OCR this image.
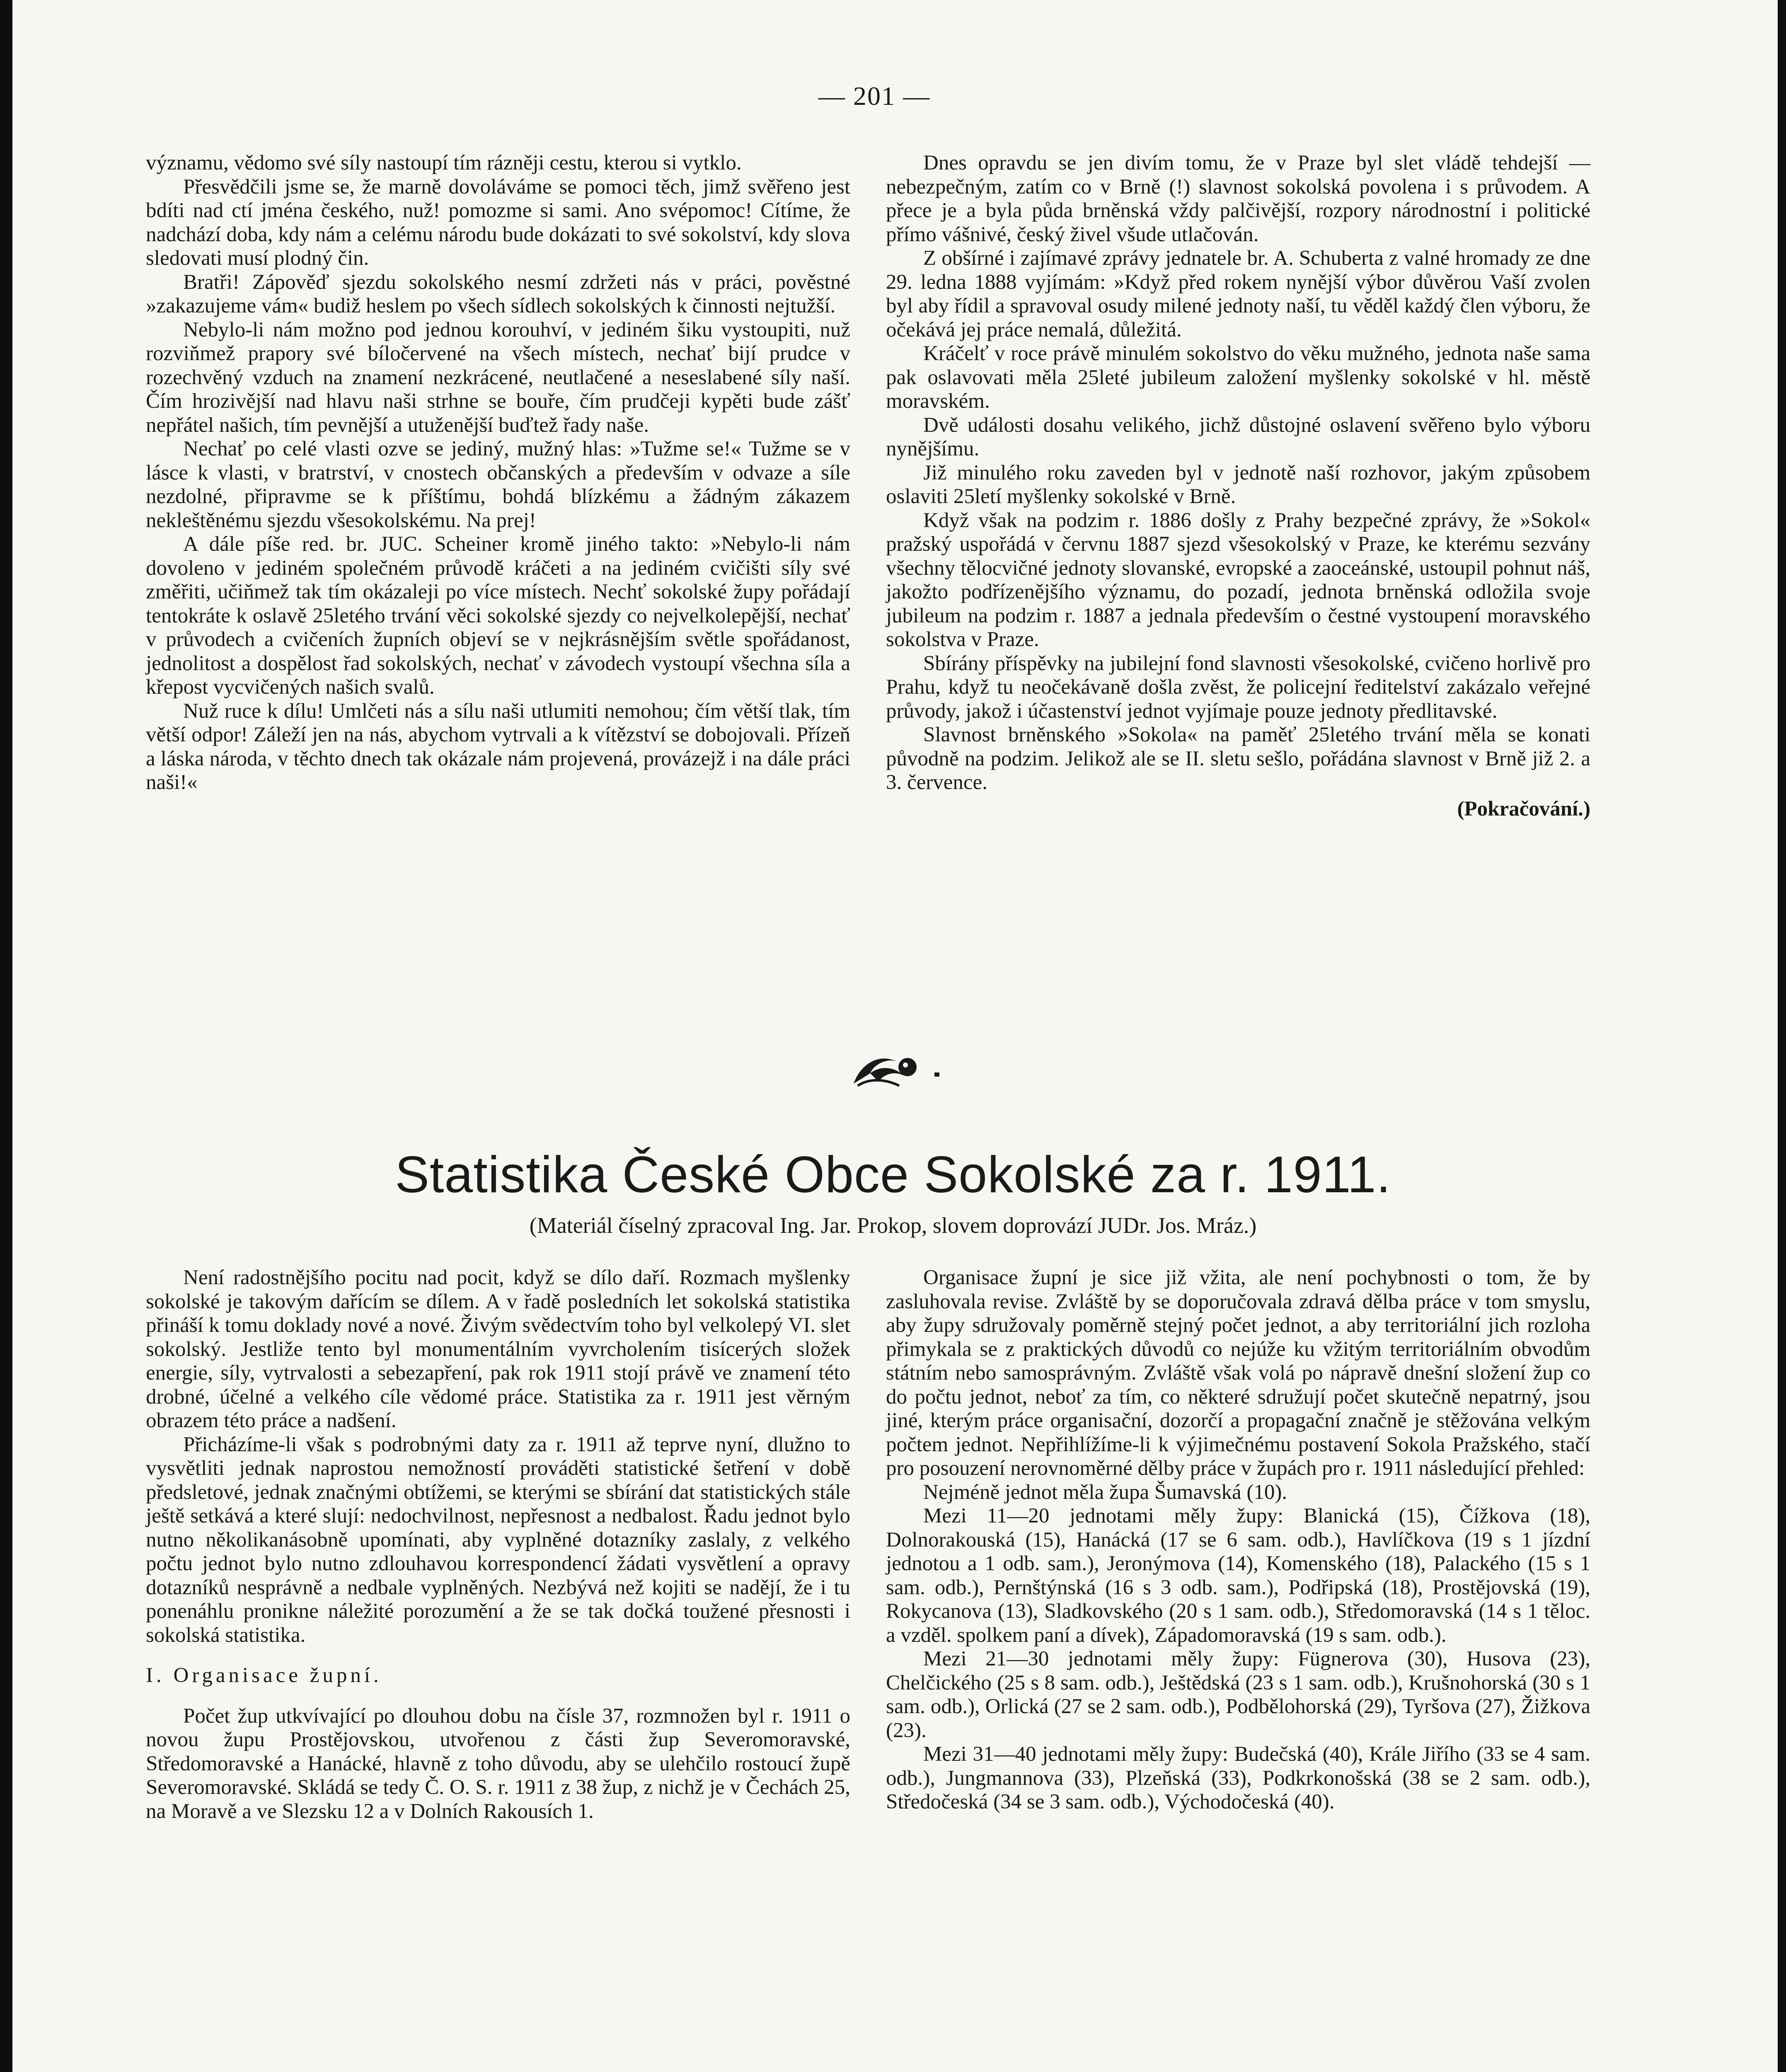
— 201 —

významu, vědomo své síly nastoupí tím rázněji cestu, kterou si vytklo.

Přesvědčili jsme se, že marně dovoláváme se pomoci těch, jimž svěřeno jest bdíti nad ctí jména českého, nuž! pomozme si sami. Ano svépomoc! Cítíme, že nadchází doba, kdy nám a celému národu bude dokázati to své sokolství, kdy slova sledovati musí plodný čin.

Bratři! Zápověď sjezdu sokolského nesmí zdržeti nás v práci, pověstné »zakazujeme vám« budiž heslem po všech sídlech sokolských k činnosti nejtužší.

Nebylo-li nám možno pod jednou korouhví, v jediném šiku vystoupiti, nuž rozviňmež prapory své bíločervené na všech místech, nechať bijí prudce v rozechvěný vzduch na znamení nezkrácené, neutlačené a neseslabené síly naší. Čím hrozivější nad hlavu naši strhne se bouře, čím prudčeji kypěti bude zášť nepřátel našich, tím pevnější a utuženější buďtež řady naše.

Nechať po celé vlasti ozve se jediný, mužný hlas: »Tužme se!« Tužme se v lásce k vlasti, v bratrství, v cnostech občanských a především v odvaze a síle nezdolné, připravme se k příštímu, bohdá blízkému a žádným zákazem nekleštěnému sjezdu všesokolskému. Na prej!

A dále píše red. br. JUC. Scheiner kromě jiného takto: »Nebylo-li nám dovoleno v jediném společném průvodě kráčeti a na jediném cvičišti síly své změřiti, učiňmež tak tím okázaleji po více místech. Nechť sokolské župy pořádají tentokráte k oslavě 25letého trvání věci sokolské sjezdy co nejvelkolepější, nechať v průvodech a cvičeních župních objeví se v nejkrásnějším světle spořádanost, jednolitost a dospělost řad sokolských, nechať v závodech vystoupí všechna síla a křepost vycvičených našich svalů.

Nuž ruce k dílu! Umlčeti nás a sílu naši utlumiti nemohou; čím větší tlak, tím větší odpor! Záleží jen na nás, abychom vytrvali a k vítězství se dobojovali. Přízeň a láska národa, v těchto dnech tak okázale nám projevená, provázejž i na dále práci naši!«

Dnes opravdu se jen divím tomu, že v Praze byl slet vládě tehdejší — nebezpečným, zatím co v Brně (!) slavnost sokolská povolena i s průvodem. A přece je a byla půda brněnská vždy palčivější, rozpory národnostní i politické přímo vášnivé, český živel všude utlačován.

Z obšírné i zajímavé zprávy jednatele br. A. Schuberta z valné hromady ze dne 29. ledna 1888 vyjímám: »Když před rokem nynější výbor důvěrou Vaší zvolen byl aby řídil a spravoval osudy milené jednoty naší, tu věděl každý člen výboru, že očekává jej práce nemalá, důležitá.

Kráčelť v roce právě minulém sokolstvo do věku mužného, jednota naše sama pak oslavovati měla 25leté jubileum založení myšlenky sokolské v hl. městě moravském.

Dvě události dosahu velikého, jichž důstojné oslavení svěřeno bylo výboru nynějšímu.

Již minulého roku zaveden byl v jednotě naší rozhovor, jakým způsobem oslaviti 25letí myšlenky sokolské v Brně.

Když však na podzim r. 1886 došly z Prahy bezpečné zprávy, že »Sokol« pražský uspořádá v červnu 1887 sjezd všesokolský v Praze, ke kterému sezvány všechny tělocvičné jednoty slovanské, evropské a zaoceánské, ustoupil pohnut náš, jakožto podřízenějšího významu, do pozadí, jednota brněnská odložila svoje jubileum na podzim r. 1887 a jednala především o čestné vystoupení moravského sokolstva v Praze.

Sbírány příspěvky na jubilejní fond slavnosti všesokolské, cvičeno horlivě pro Prahu, když tu neočekávaně došla zvěst, že policejní ředitelství zakázalo veřejné průvody, jakož i účastenství jednot vyjímaje pouze jednoty předlitavské.

Slavnost brněnského »Sokola« na paměť 25letého trvání měla se konati původně na podzim. Jelikož ale se II. sletu sešlo, pořádána slavnost v Brně již 2. a 3. července.

(Pokračování.)

Statistika České Obce Sokolské za r. 1911.
(Materiál číselný zpracoval Ing. Jar. Prokop, slovem doprovází JUDr. Jos. Mráz.)

Není radostnějšího pocitu nad pocit, když se dílo daří. Rozmach myšlenky sokolské je takovým dařícím se dílem. A v řadě posledních let sokolská statistika přináší k tomu doklady nové a nové. Živým svědectvím toho byl velkolepý VI. slet sokolský. Jestliže tento byl monumentálním vyvrcholením tisícerých složek energie, síly, vytrvalosti a sebezapření, pak rok 1911 stojí právě ve znamení této drobné, účelné a velkého cíle vědomé práce. Statistika za r. 1911 jest věrným obrazem této práce a nadšení.

Přicházíme-li však s podrobnými daty za r. 1911 až teprve nyní, dlužno to vysvětliti jednak naprostou nemožností prováděti statistické šetření v době předsletové, jednak značnými obtížemi, se kterými se sbírání dat statistických stále ještě setkává a které slují: nedochvilnost, nepřesnost a nedbalost. Řadu jednot bylo nutno několikanásobně upomínati, aby vyplněné dotazníky zaslaly, z velkého počtu jednot bylo nutno zdlouhavou korrespondencí žádati vysvětlení a opravy dotazníků nesprávně a nedbale vyplněných. Nezbývá než kojiti se nadějí, že i tu ponenáhlu pronikne náležité porozumění a že se tak dočká toužené přesnosti i sokolská statistika.

I. Organisace župní.

Počet žup utkvívající po dlouhou dobu na čísle 37, rozmnožen byl r. 1911 o novou župu Prostějovskou, utvořenou z části žup Severomoravské, Středomoravské a Hanácké, hlavně z toho důvodu, aby se ulehčilo rostoucí župě Severomoravské. Skládá se tedy Č. O. S. r. 1911 z 38 žup, z nichž je v Čechách 25, na Moravě a ve Slezsku 12 a v Dolních Rakousích 1.

Organisace župní je sice již vžita, ale není pochybnosti o tom, že by zasluhovala revise. Zvláště by se doporučovala zdravá dělba práce v tom smyslu, aby župy sdružovaly poměrně stejný počet jednot, a aby territoriální jich rozloha přimykala se z praktických důvodů co nejúže ku vžitým territoriálním obvodům státním nebo samosprávným. Zvláště však volá po nápravě dnešní složení žup co do počtu jednot, neboť za tím, co některé sdružují počet skutečně nepatrný, jsou jiné, kterým práce organisační, dozorčí a propagační značně je stěžována velkým počtem jednot. Nepřihlížíme-li k výjimečnému postavení Sokola Pražského, stačí pro posouzení nerovnoměrné dělby práce v župách pro r. 1911 následující přehled:

Nejméně jednot měla župa Šumavská (10).

Mezi 11—20 jednotami měly župy: Blanická (15), Čížkova (18), Dolnorakouská (15), Hanácká (17 se 6 sam. odb.), Havlíčkova (19 s 1 jízdní jednotou a 1 odb. sam.), Jeronýmova (14), Komenského (18), Palackého (15 s 1 sam. odb.), Pernštýnská (16 s 3 odb. sam.), Podřipská (18), Prostějovská (19), Rokycanova (13), Sladkovského (20 s 1 sam. odb.), Středomoravská (14 s 1 těloc. a vzděl. spolkem paní a dívek), Západomoravská (19 s sam. odb.).

Mezi 21—30 jednotami měly župy: Fügnerova (30), Husova (23), Chelčického (25 s 8 sam. odb.), Ještědská (23 s 1 sam. odb.), Krušnohorská (30 s 1 sam. odb.), Orlická (27 se 2 sam. odb.), Podbělohorská (29), Tyršova (27), Žižkova (23).

Mezi 31—40 jednotami měly župy: Budečská (40), Krále Jiřího (33 se 4 sam. odb.), Jungmannova (33), Plzeňská (33), Podkrkonošská (38 se 2 sam. odb.), Středočeská (34 se 3 sam. odb.), Východočeská (40).
